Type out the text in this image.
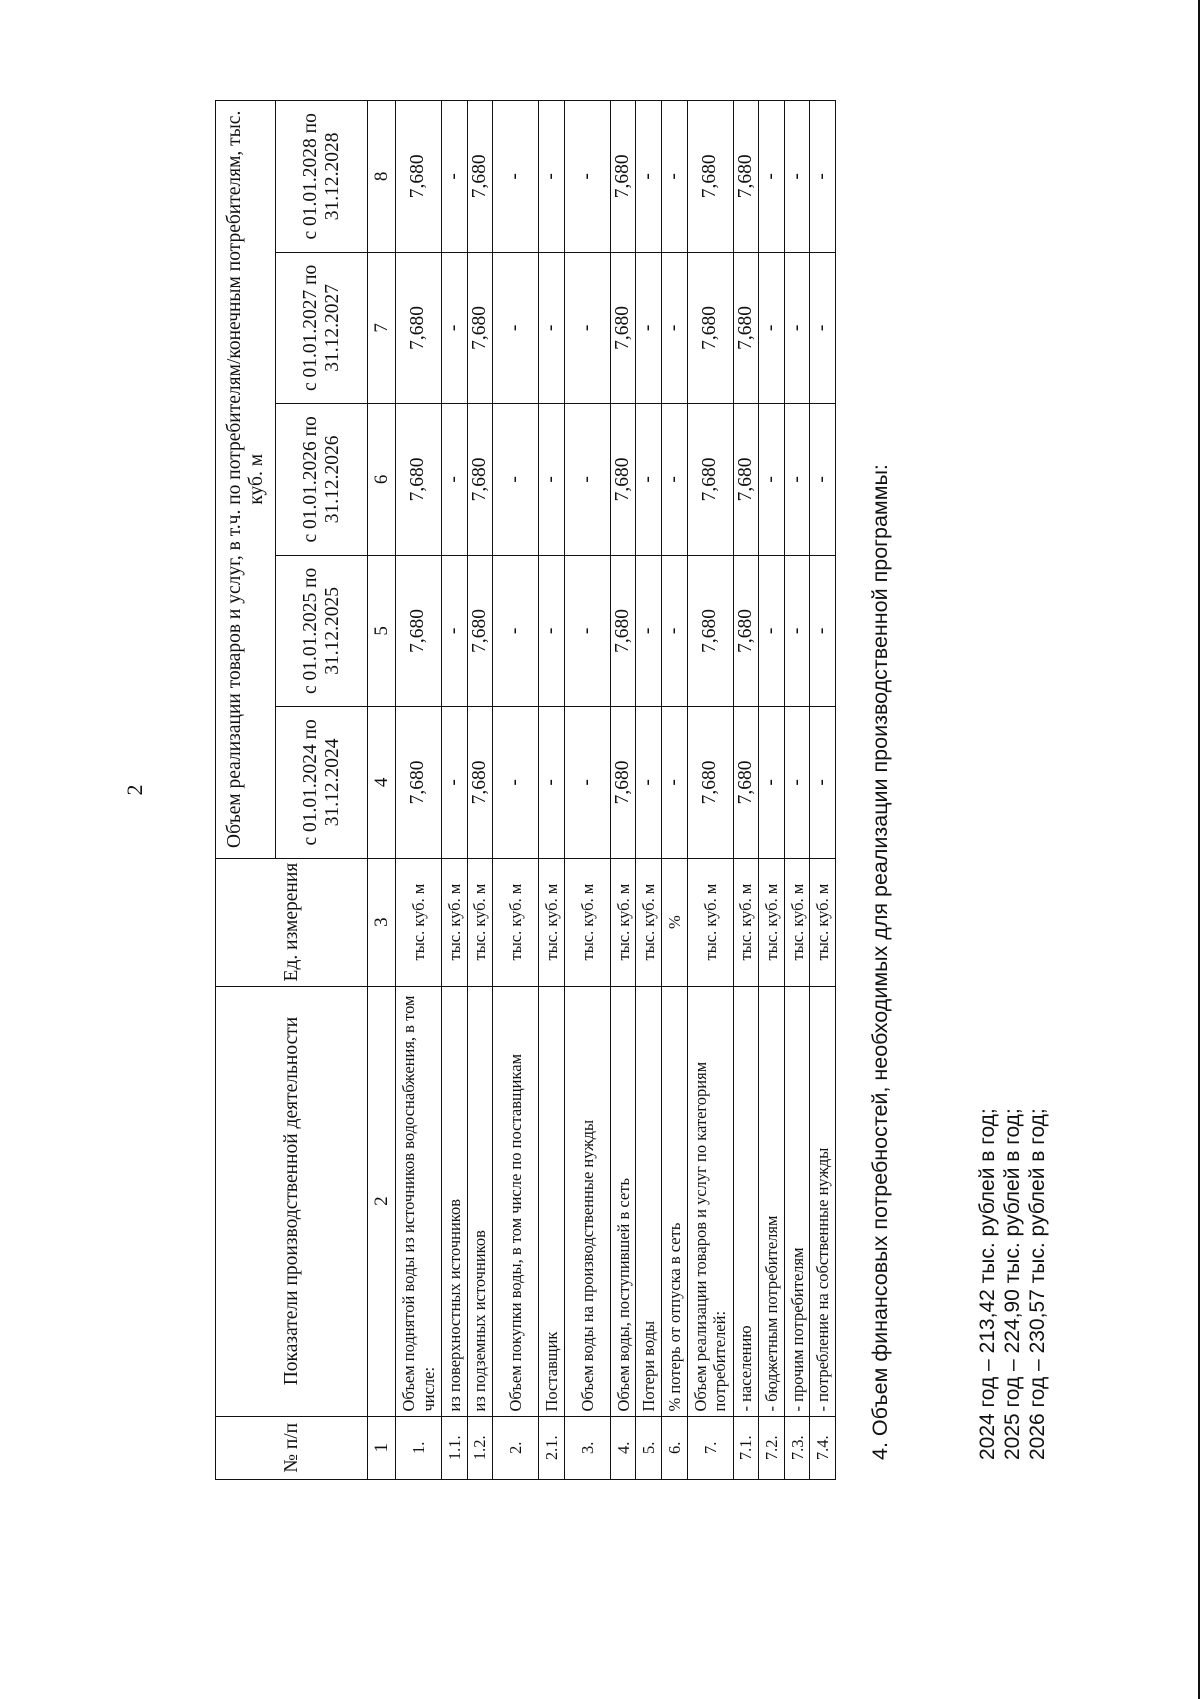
2
№ п/п	Показатели производственной деятельности	Ед. измерения	Объем реализации товаров и услуг, в т.ч. по потребителям/конечным потребителям, тыс. куб. м				
			с 01.01.2024 по 31.12.2024	с 01.01.2025 по 31.12.2025	с 01.01.2026 по 31.12.2026	с 01.01.2027 по 31.12.2027	с 01.01.2028 по 31.12.2028
1	2	3	4	5	6	7	8
1.	Объем поднятой воды из источников водоснабжения, в том числе:	тыс. куб. м	7,680	7,680	7,680	7,680	7,680
1.1.	из поверхностных источников	тыс. куб. м	-	-	-	-	-
1.2.	из подземных источников	тыс. куб. м	7,680	7,680	7,680	7,680	7,680
2.	Объем покупки воды, в том числе по поставщикам	тыс. куб. м	-	-	-	-	-
2.1.	Поставщик	тыс. куб. м	-	-	-	-	-
3.	Объем воды на производственные нужды	тыс. куб. м	-	-	-	-	-
4.	Объем воды, поступившей в сеть	тыс. куб. м	7,680	7,680	7,680	7,680	7,680
5.	Потери воды	тыс. куб. м	-	-	-	-	-
6.	% потерь от отпуска в сеть	%	-	-	-	-	-
7.	Объем реализации товаров и услуг по категориям потребителей:	тыс. куб. м	7,680	7,680	7,680	7,680	7,680
7.1.	- населению	тыс. куб. м	7,680	7,680	7,680	7,680	7,680
7.2.	- бюджетным потребителям	тыс. куб. м	-	-	-	-	-
7.3.	- прочим потребителям	тыс. куб. м	-	-	-	-	-
7.4.	- потребление на собственные нужды	тыс. куб. м	-	-	-	-	-
4. Объем финансовых потребностей, необходимых для реализации производственной программы:	2024 год – 213,42 тыс. рублей в год; 2025 год – 224,90 тыс. рублей в год; 2026 год – 230,57 тыс. рублей в год;
